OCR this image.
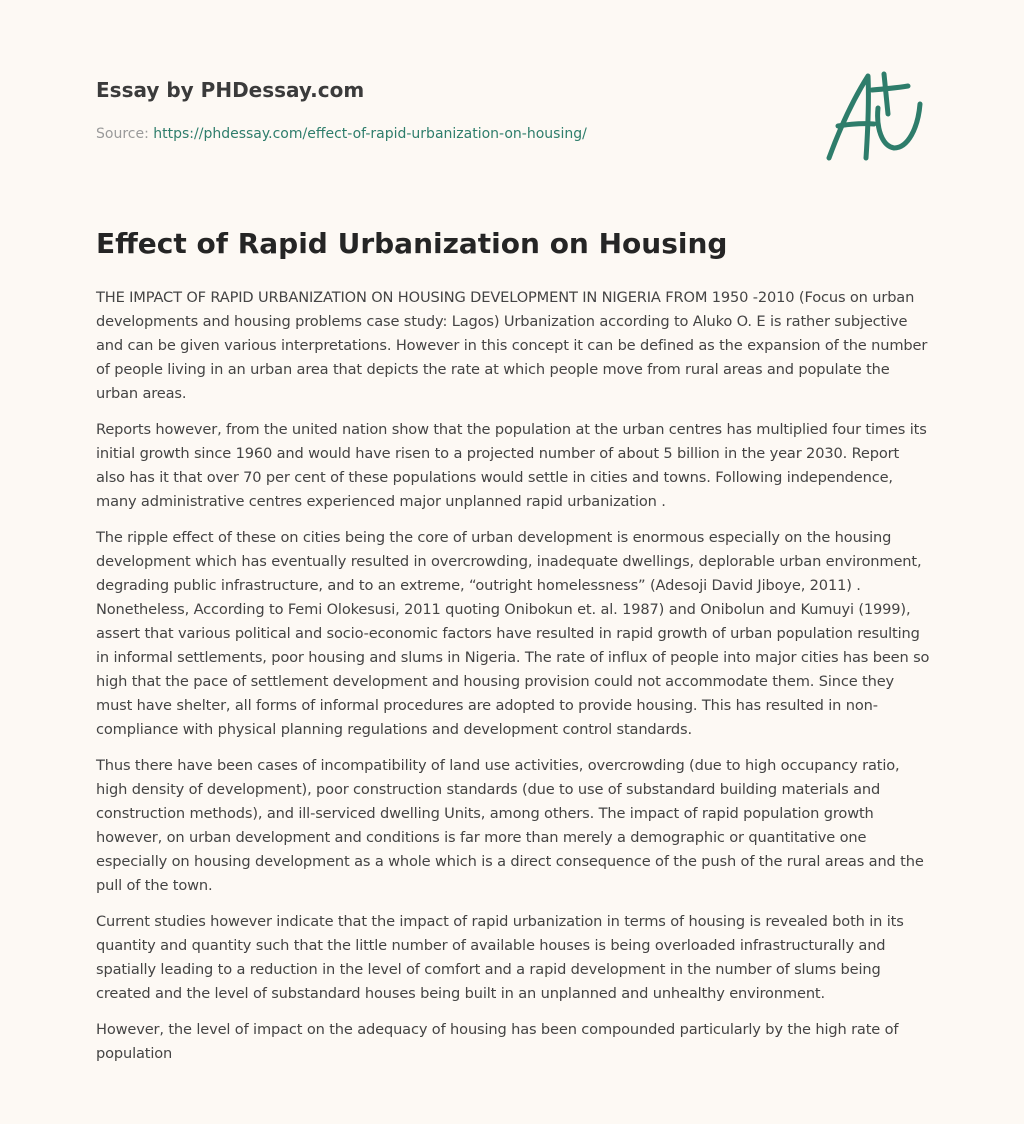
Essay by PHDessay.com
Source: https://phdessay.com/effect-of-rapid-urbanization-on-housing/
Effect of Rapid Urbanization on Housing

THE IMPACT OF RAPID URBANIZATION ON HOUSING DEVELOPMENT IN NIGERIA FROM 1950 -2010 (Focus on urban developments and housing problems case study: Lagos) Urbanization according to Aluko O. E is rather subjective and can be given various interpretations. However in this concept it can be defined as the expansion of the number of people living in an urban area that depicts the rate at which people move from rural areas and populate the urban areas.

Reports however, from the united nation show that the population at the urban centres has multiplied four times its initial growth since 1960 and would have risen to a projected number of about 5 billion in the year 2030. Report also has it that over 70 per cent of these populations would settle in cities and towns. Following independence, many administrative centres experienced major unplanned rapid urbanization .

The ripple effect of these on cities being the core of urban development is enormous especially on the housing development which has eventually resulted in overcrowding, inadequate dwellings, deplorable urban environment, degrading public infrastructure, and to an extreme, “outright homelessness” (Adesoji David Jiboye, 2011) . Nonetheless, According to Femi Olokesusi, 2011 quoting Onibokun et. al. 1987) and Onibolun and Kumuyi (1999), assert that various political and socio-economic factors have resulted in rapid growth of urban population resulting in informal settlements, poor housing and slums in Nigeria. The rate of influx of people into major cities has been so high that the pace of settlement development and housing provision could not accommodate them. Since they must have shelter, all forms of informal procedures are adopted to provide housing. This has resulted in non-compliance with physical planning regulations and development control standards.

Thus there have been cases of incompatibility of land use activities, overcrowding (due to high occupancy ratio, high density of development), poor construction standards (due to use of substandard building materials and construction methods), and ill-serviced dwelling Units, among others. The impact of rapid population growth however, on urban development and conditions is far more than merely a demographic or quantitative one especially on housing development as a whole which is a direct consequence of the push of the rural areas and the pull of the town.

Current studies however indicate that the impact of rapid urbanization in terms of housing is revealed both in its quantity and quantity such that the little number of available houses is being overloaded infrastructurally and spatially leading to a reduction in the level of comfort and a rapid development in the number of slums being created and the level of substandard houses being built in an unplanned and unhealthy environment.

However, the level of impact on the adequacy of housing has been compounded particularly by the high rate of population
